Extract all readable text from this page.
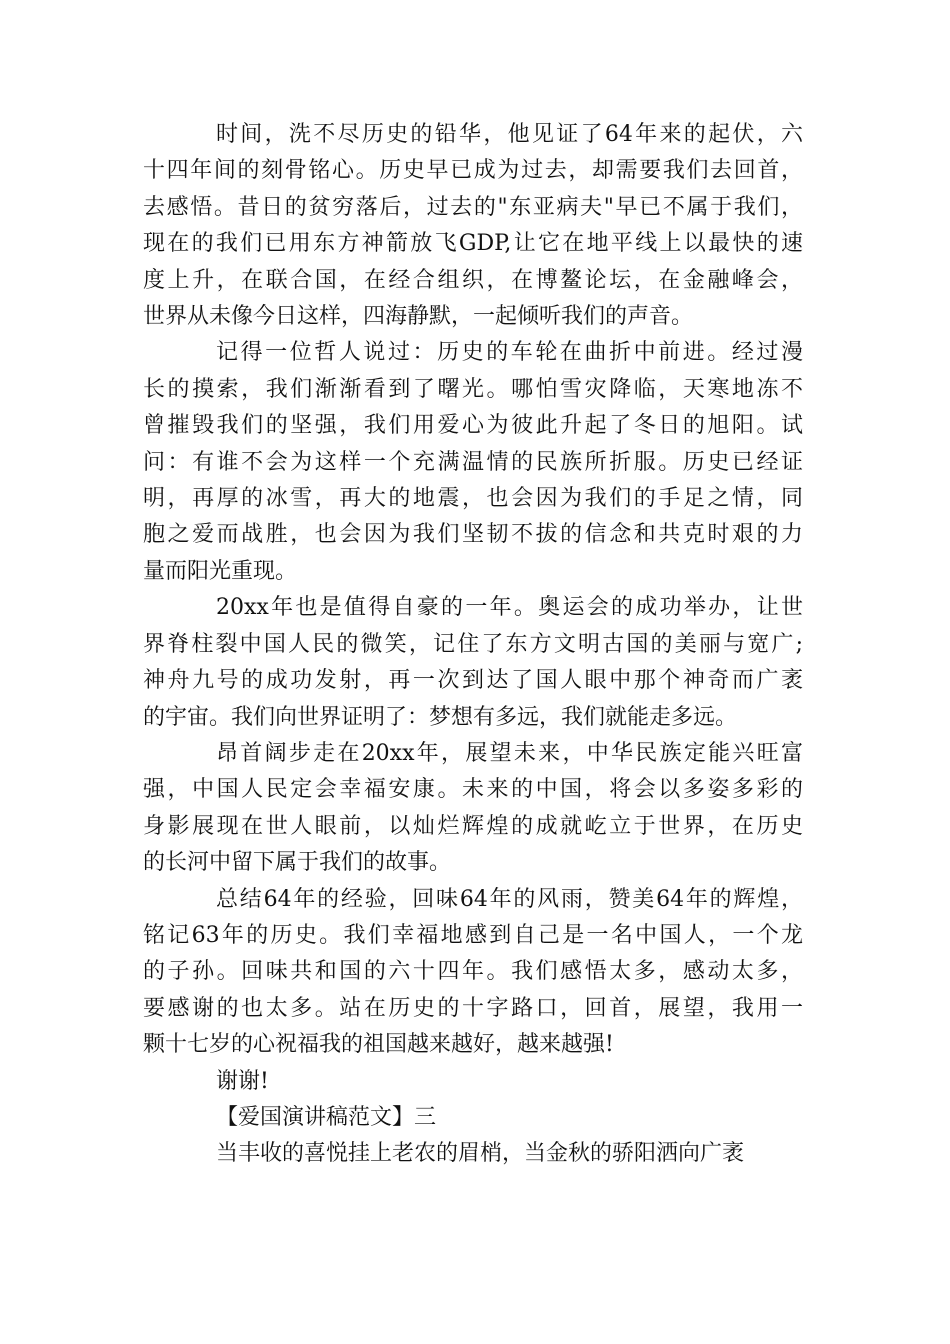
时间，洗不尽历史的铅华，他见证了64年来的起伏，六
十四年间的刻骨铭心。历史早已成为过去，却需要我们去回首，
去感悟。昔日的贫穷落后，过去的"东亚病夫"早已不属于我们，
现在的我们已用东方神箭放飞GDP,让它在地平线上以最快的速
度上升，在联合国，在经合组织，在博鳌论坛，在金融峰会，
世界从未像今日这样，四海静默，一起倾听我们的声音。

记得一位哲人说过：历史的车轮在曲折中前进。经过漫
长的摸索，我们渐渐看到了曙光。哪怕雪灾降临，天寒地冻不
曾摧毁我们的坚强，我们用爱心为彼此升起了冬日的旭阳。试
问：有谁不会为这样一个充满温情的民族所折服。历史已经证
明，再厚的冰雪，再大的地震，也会因为我们的手足之情，同
胞之爱而战胜，也会因为我们坚韧不拔的信念和共克时艰的力
量而阳光重现。

20xx年也是值得自豪的一年。奥运会的成功举办，让世
界脊柱裂中国人民的微笑，记住了东方文明古国的美丽与宽广;
神舟九号的成功发射，再一次到达了国人眼中那个神奇而广袤
的宇宙。我们向世界证明了：梦想有多远，我们就能走多远。

昂首阔步走在20xx年，展望未来，中华民族定能兴旺富
强，中国人民定会幸福安康。未来的中国，将会以多姿多彩的
身影展现在世人眼前，以灿烂辉煌的成就屹立于世界，在历史
的长河中留下属于我们的故事。

总结64年的经验，回味64年的风雨，赞美64年的辉煌，
铭记63年的历史。我们幸福地感到自己是一名中国人，一个龙
的子孙。回味共和国的六十四年。我们感悟太多，感动太多，
要感谢的也太多。站在历史的十字路口，回首，展望，我用一
颗十七岁的心祝福我的祖国越来越好，越来越强!

谢谢!

【爱国演讲稿范文】三

当丰收的喜悦挂上老农的眉梢，当金秋的骄阳洒向广袤
